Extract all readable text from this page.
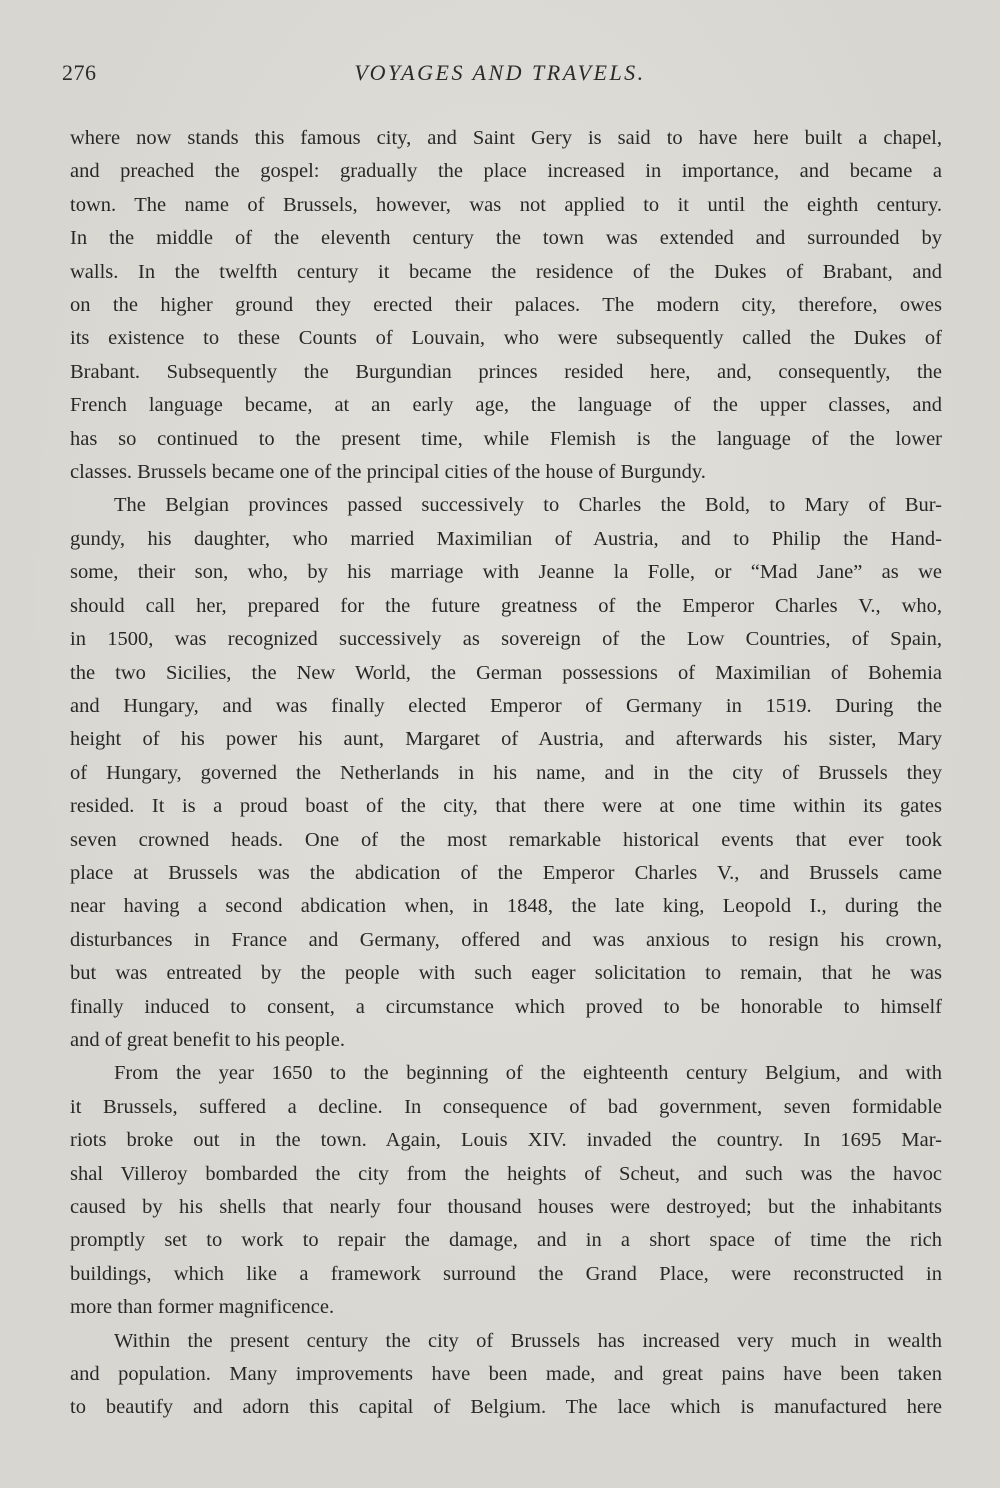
276	VOYAGES AND TRAVELS.

where now stands this famous city, and Saint Gery is said to have here built a chapel,
and preached the gospel: gradually the place increased in importance, and became a
town. The name of Brussels, however, was not applied to it until the eighth century.
In the middle of the eleventh century the town was extended and surrounded by
walls. In the twelfth century it became the residence of the Dukes of Brabant, and
on the higher ground they erected their palaces. The modern city, therefore, owes
its existence to these Counts of Louvain, who were subsequently called the Dukes of
Brabant. Subsequently the Burgundian princes resided here, and, consequently, the
French language became, at an early age, the language of the upper classes, and
has so continued to the present time, while Flemish is the language of the lower
classes. Brussels became one of the principal cities of the house of Burgundy.

The Belgian provinces passed successively to Charles the Bold, to Mary of Bur-
gundy, his daughter, who married Maximilian of Austria, and to Philip the Hand-
some, their son, who, by his marriage with Jeanne la Folle, or “Mad Jane” as we
should call her, prepared for the future greatness of the Emperor Charles V., who,
in 1500, was recognized successively as sovereign of the Low Countries, of Spain,
the two Sicilies, the New World, the German possessions of Maximilian of Bohemia
and Hungary, and was finally elected Emperor of Germany in 1519. During the
height of his power his aunt, Margaret of Austria, and afterwards his sister, Mary
of Hungary, governed the Netherlands in his name, and in the city of Brussels they
resided. It is a proud boast of the city, that there were at one time within its gates
seven crowned heads. One of the most remarkable historical events that ever took
place at Brussels was the abdication of the Emperor Charles V., and Brussels came
near having a second abdication when, in 1848, the late king, Leopold I., during the
disturbances in France and Germany, offered and was anxious to resign his crown,
but was entreated by the people with such eager solicitation to remain, that he was
finally induced to consent, a circumstance which proved to be honorable to himself
and of great benefit to his people.

From the year 1650 to the beginning of the eighteenth century Belgium, and with
it Brussels, suffered a decline. In consequence of bad government, seven formidable
riots broke out in the town. Again, Louis XIV. invaded the country. In 1695 Mar-
shal Villeroy bombarded the city from the heights of Scheut, and such was the havoc
caused by his shells that nearly four thousand houses were destroyed; but the inhabitants
promptly set to work to repair the damage, and in a short space of time the rich
buildings, which like a framework surround the Grand Place, were reconstructed in
more than former magnificence.

Within the present century the city of Brussels has increased very much in wealth
and population. Many improvements have been made, and great pains have been taken
to beautify and adorn this capital of Belgium. The lace which is manufactured here
